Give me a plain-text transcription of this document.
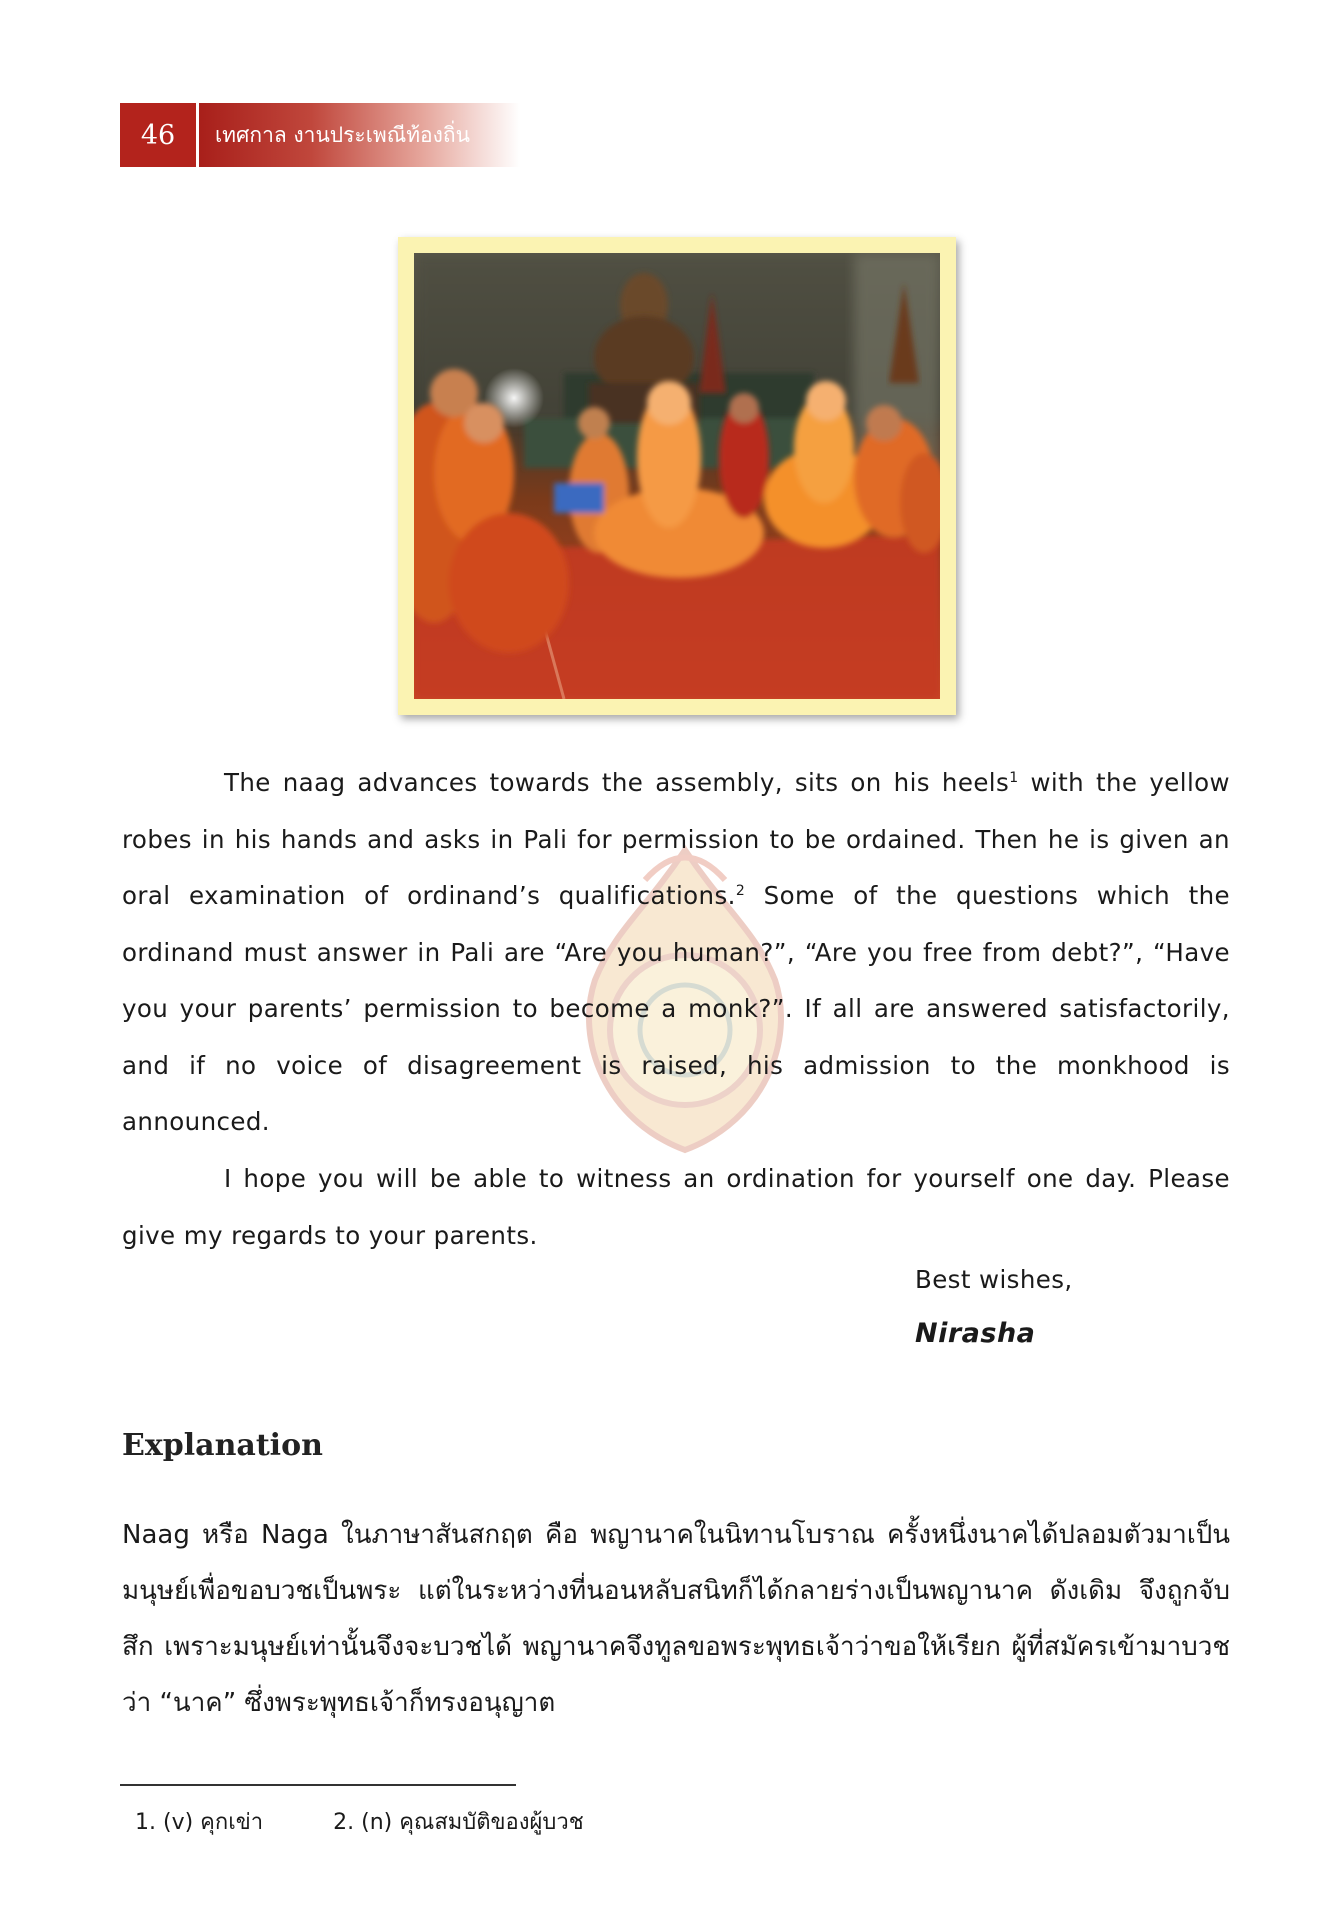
46	เทศกาล งานประเพณีท้องถิ่น

The naag advances towards the assembly, sits on his heels$^1$ with the yellow robes in his hands and asks in Pali for permission to be ordained. Then he is given an oral examination of ordinand’s qualifications.$^2$ Some of the questions which the ordinand must answer in Pali are “Are you human?”, “Are you free from debt?”, “Have you your parents’ permission to become a monk?”. If all are answered satisfactorily, and if no voice of disagreement is raised, his admission to the monkhood is announced.

I hope you will be able to witness an ordination for yourself one day. Please give my regards to your parents.

Best wishes,
Nirasha
Explanation

Naag หรือ Naga ในภาษาสันสกฤต คือ พญานาคในนิทานโบราณ ครั้งหนึ่งนาคได้ปลอมตัวมาเป็นมนุษย์เพื่อขอบวชเป็นพระ แต่ในระหว่างที่นอนหลับสนิทก็ได้กลายร่างเป็นพญานาค ดังเดิม จึงถูกจับสึก เพราะมนุษย์เท่านั้นจึงจะบวชได้ พญานาคจึงทูลขอพระพุทธเจ้าว่าขอให้เรียก ผู้ที่สมัครเข้ามาบวชว่า “นาค” ซึ่งพระพุทธเจ้าก็ทรงอนุญาต

1. (v) คุกเข่า	2. (n) คุณสมบัติของผู้บวช
